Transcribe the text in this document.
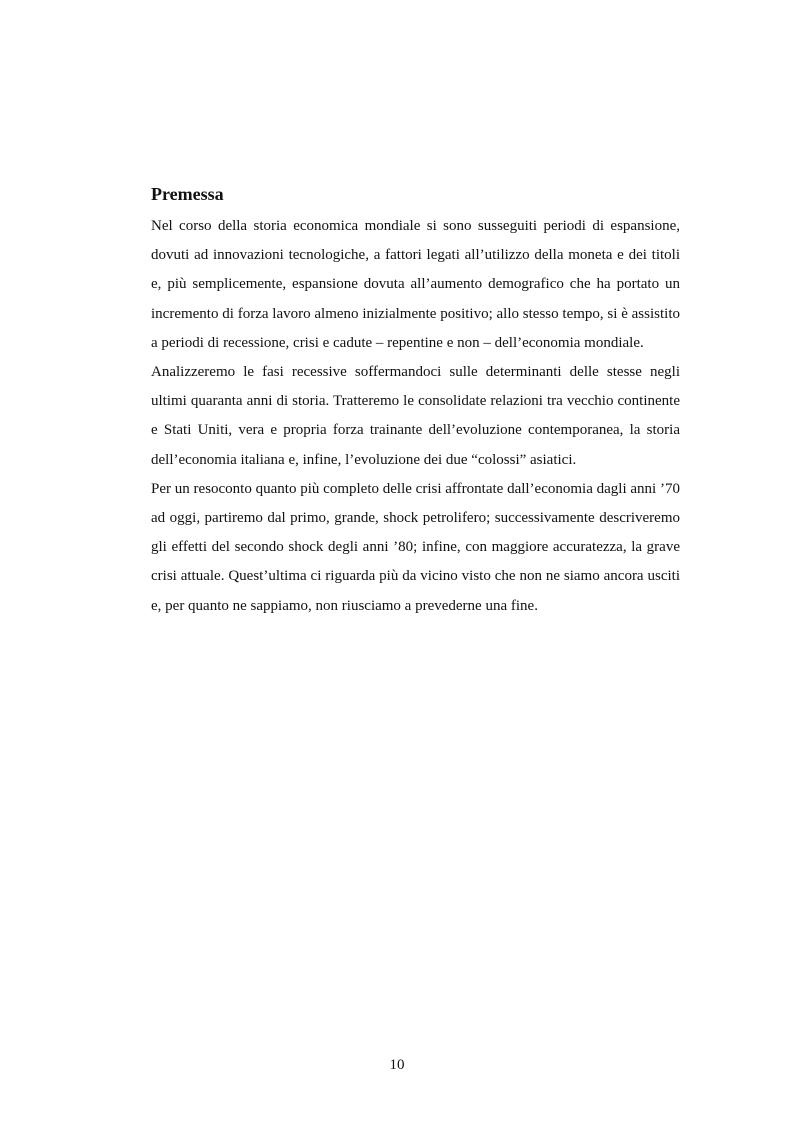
Premessa

Nel corso della storia economica mondiale si sono susseguiti periodi di espansione, dovuti ad innovazioni tecnologiche, a fattori legati all’utilizzo della moneta e dei titoli e, più semplicemente, espansione dovuta all’aumento demografico che ha portato un incremento di forza lavoro almeno inizialmente positivo; allo stesso tempo, si è assistito a periodi di recessione, crisi e cadute – repentine e non – dell’economia mondiale.

Analizzeremo le fasi recessive soffermandoci sulle determinanti delle stesse negli ultimi quaranta anni di storia. Tratteremo le consolidate relazioni tra vecchio continente e Stati Uniti, vera e propria forza trainante dell’evoluzione contemporanea, la storia dell’economia italiana e, infine, l’evoluzione dei due “colossi” asiatici.

Per un resoconto quanto più completo delle crisi affrontate dall’economia dagli anni ’70 ad oggi, partiremo dal primo, grande, shock petrolifero; successivamente descriveremo gli effetti del secondo shock degli anni ’80; infine, con maggiore accuratezza, la grave crisi attuale. Quest’ultima ci riguarda più da vicino visto che non ne siamo ancora usciti e, per quanto ne sappiamo, non riusciamo a prevederne una fine.

10
